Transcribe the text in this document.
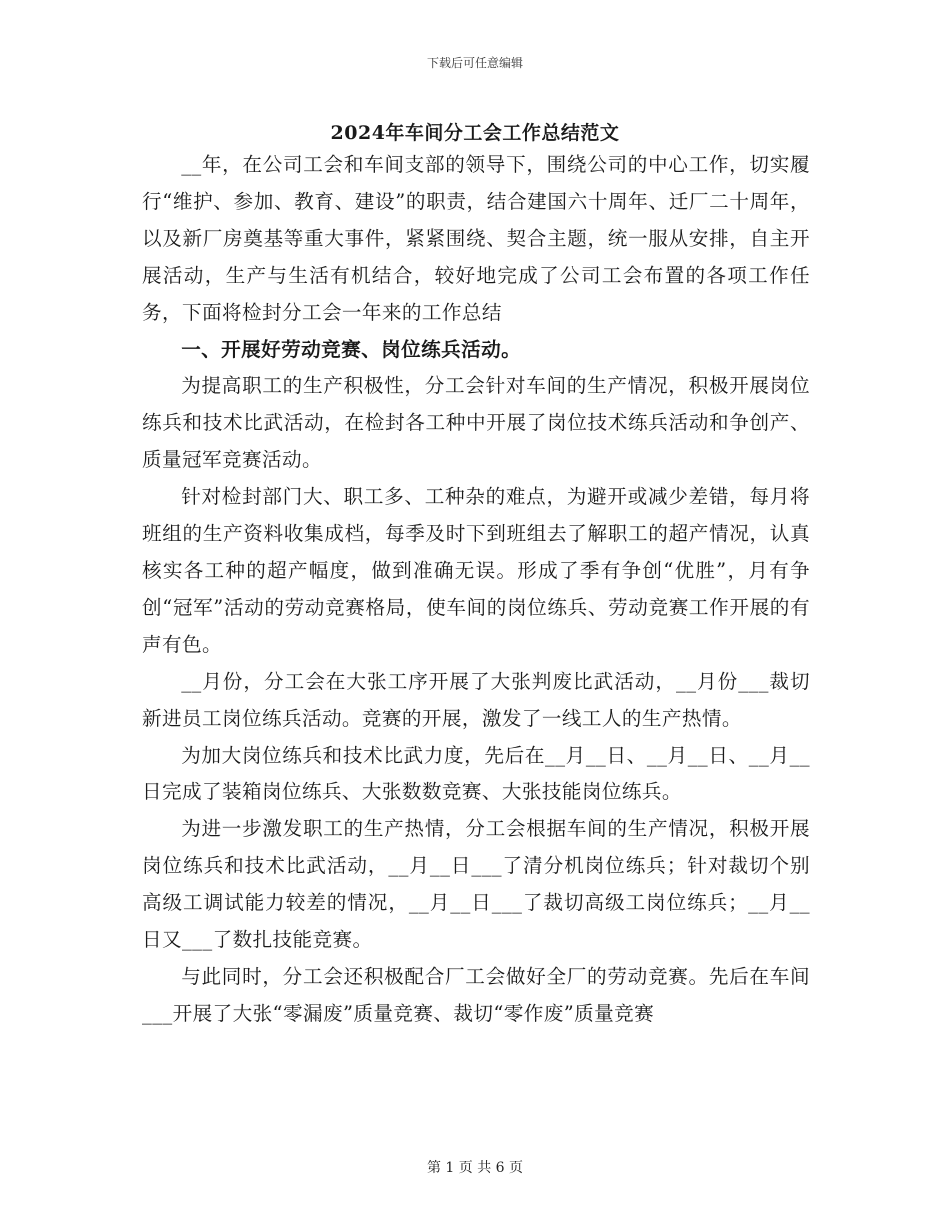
下载后可任意编辑
2024年车间分工会工作总结范文

__年，在公司工会和车间支部的领导下，围绕公司的中心工作，切实履行“维护、参加、教育、建设”的职责，结合建国六十周年、迁厂二十周年，以及新厂房奠基等重大事件，紧紧围绕、契合主题，统一服从安排，自主开展活动，生产与生活有机结合，较好地完成了公司工会布置的各项工作任务，下面将检封分工会一年来的工作总结

一、开展好劳动竞赛、岗位练兵活动。

为提高职工的生产积极性，分工会针对车间的生产情况，积极开展岗位练兵和技术比武活动，在检封各工种中开展了岗位技术练兵活动和争创产、质量冠军竞赛活动。

针对检封部门大、职工多、工种杂的难点，为避开或减少差错，每月将班组的生产资料收集成档，每季及时下到班组去了解职工的超产情况，认真核实各工种的超产幅度，做到准确无误。形成了季有争创“优胜”，月有争创“冠军”活动的劳动竞赛格局，使车间的岗位练兵、劳动竞赛工作开展的有声有色。

__月份，分工会在大张工序开展了大张判废比武活动，__月份___裁切新进员工岗位练兵活动。竞赛的开展，激发了一线工人的生产热情。

为加大岗位练兵和技术比武力度，先后在__月__日、__月__日、__月__日完成了装箱岗位练兵、大张数数竞赛、大张技能岗位练兵。

为进一步激发职工的生产热情，分工会根据车间的生产情况，积极开展岗位练兵和技术比武活动，__月__日___了清分机岗位练兵；针对裁切个别高级工调试能力较差的情况，__月__日___了裁切高级工岗位练兵；__月__日又___了数扎技能竞赛。

与此同时，分工会还积极配合厂工会做好全厂的劳动竞赛。先后在车间___开展了大张“零漏废”质量竞赛、裁切“零作废”质量竞赛

第 1 页 共 6 页
